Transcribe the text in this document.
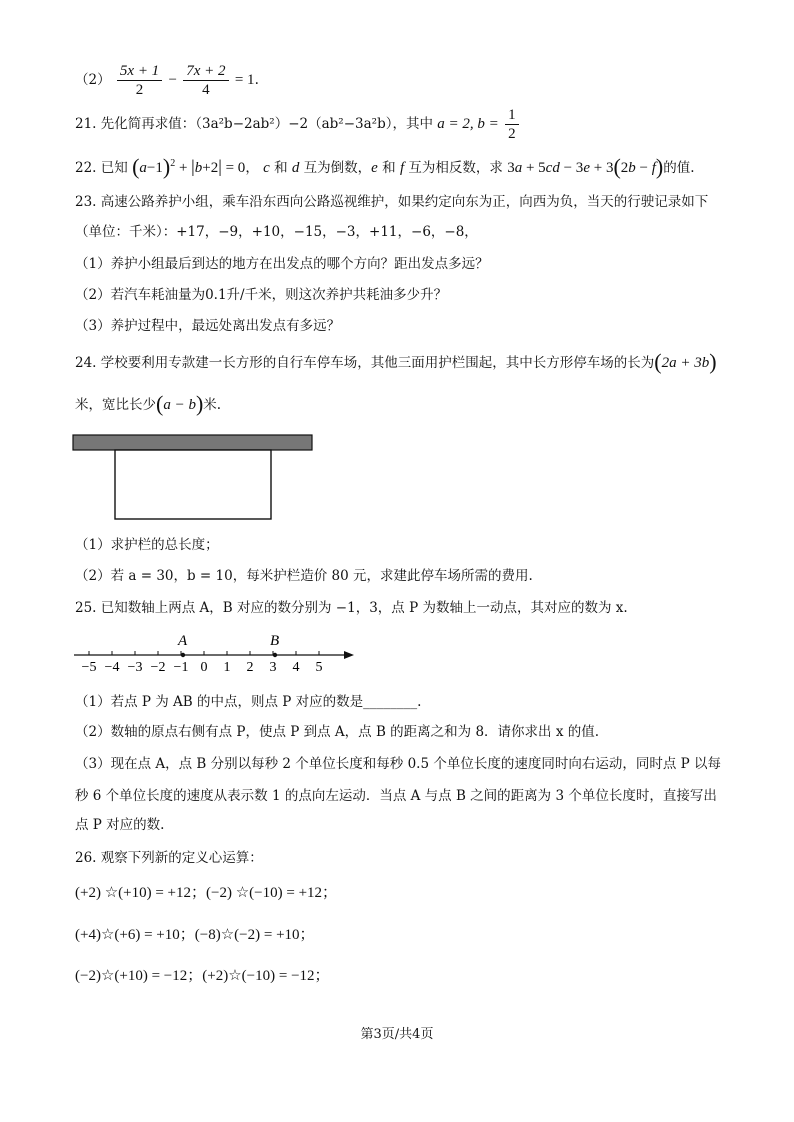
$(2) \frac{5x + 1}{2} - \frac{7x + 2}{4} = 1$.
21. 先化简再求值：（3a²b−2ab²）−2（ab²−3a²b），其中 a = 2, $b = \frac{1}{2}$
22. 已知 $(a-1)^2 + |b+2| = 0$， c 和 d 互为倒数，e 和 f 互为相反数，求 3a + 5cd − 3e + 3(2b − f)的值.
23. 高速公路养护小组，乘车沿东西向公路巡视维护，如果约定向东为正，向西为负，当天的行驶记录如下
（单位：千米）：+17，−9，+10，−15，−3，+11，−6，−8，
（1）养护小组最后到达的地方在出发点的哪个方向？距出发点多远？
（2）若汽车耗油量为0.1升/千米，则这次养护共耗油多少升？
（3）养护过程中，最远处离出发点有多远？
24. 学校要利用专款建一长方形的自行车停车场，其他三面用护栏围起，其中长方形停车场的长为(2a + 3b)
米，宽比长少(a − b)米.
（1）求护栏的总长度；
（2）若 a = 30，b = 10，每米护栏造价 80 元，求建此停车场所需的费用.
25. 已知数轴上两点 A，B 对应的数分别为 −1，3，点 P 为数轴上一动点，其对应的数为 x.
A	B
−5 −4 −3 −2 −1 0 1 2 3 4 5
（1）若点 P 为 AB 的中点，则点 P 对应的数是________.
（2）数轴的原点右侧有点 P，使点 P 到点 A，点 B 的距离之和为 8．请你求出 x 的值.
（3）现在点 A，点 B 分别以每秒 2 个单位长度和每秒 0.5 个单位长度的速度同时向右运动，同时点 P 以每
秒 6 个单位长度的速度从表示数 1 的点向左运动．当点 A 与点 B 之间的距离为 3 个单位长度时，直接写出
点 P 对应的数.
26. 观察下列新的定义心运算：
(+2) ☆(+10) = +12；(−2) ☆(−10) = +12；
(+4)☆(+6) = +10；(−8)☆(−2) = +10；
(−2)☆(+10) = −12；(+2)☆(−10) = −12；
第3页/共4页
